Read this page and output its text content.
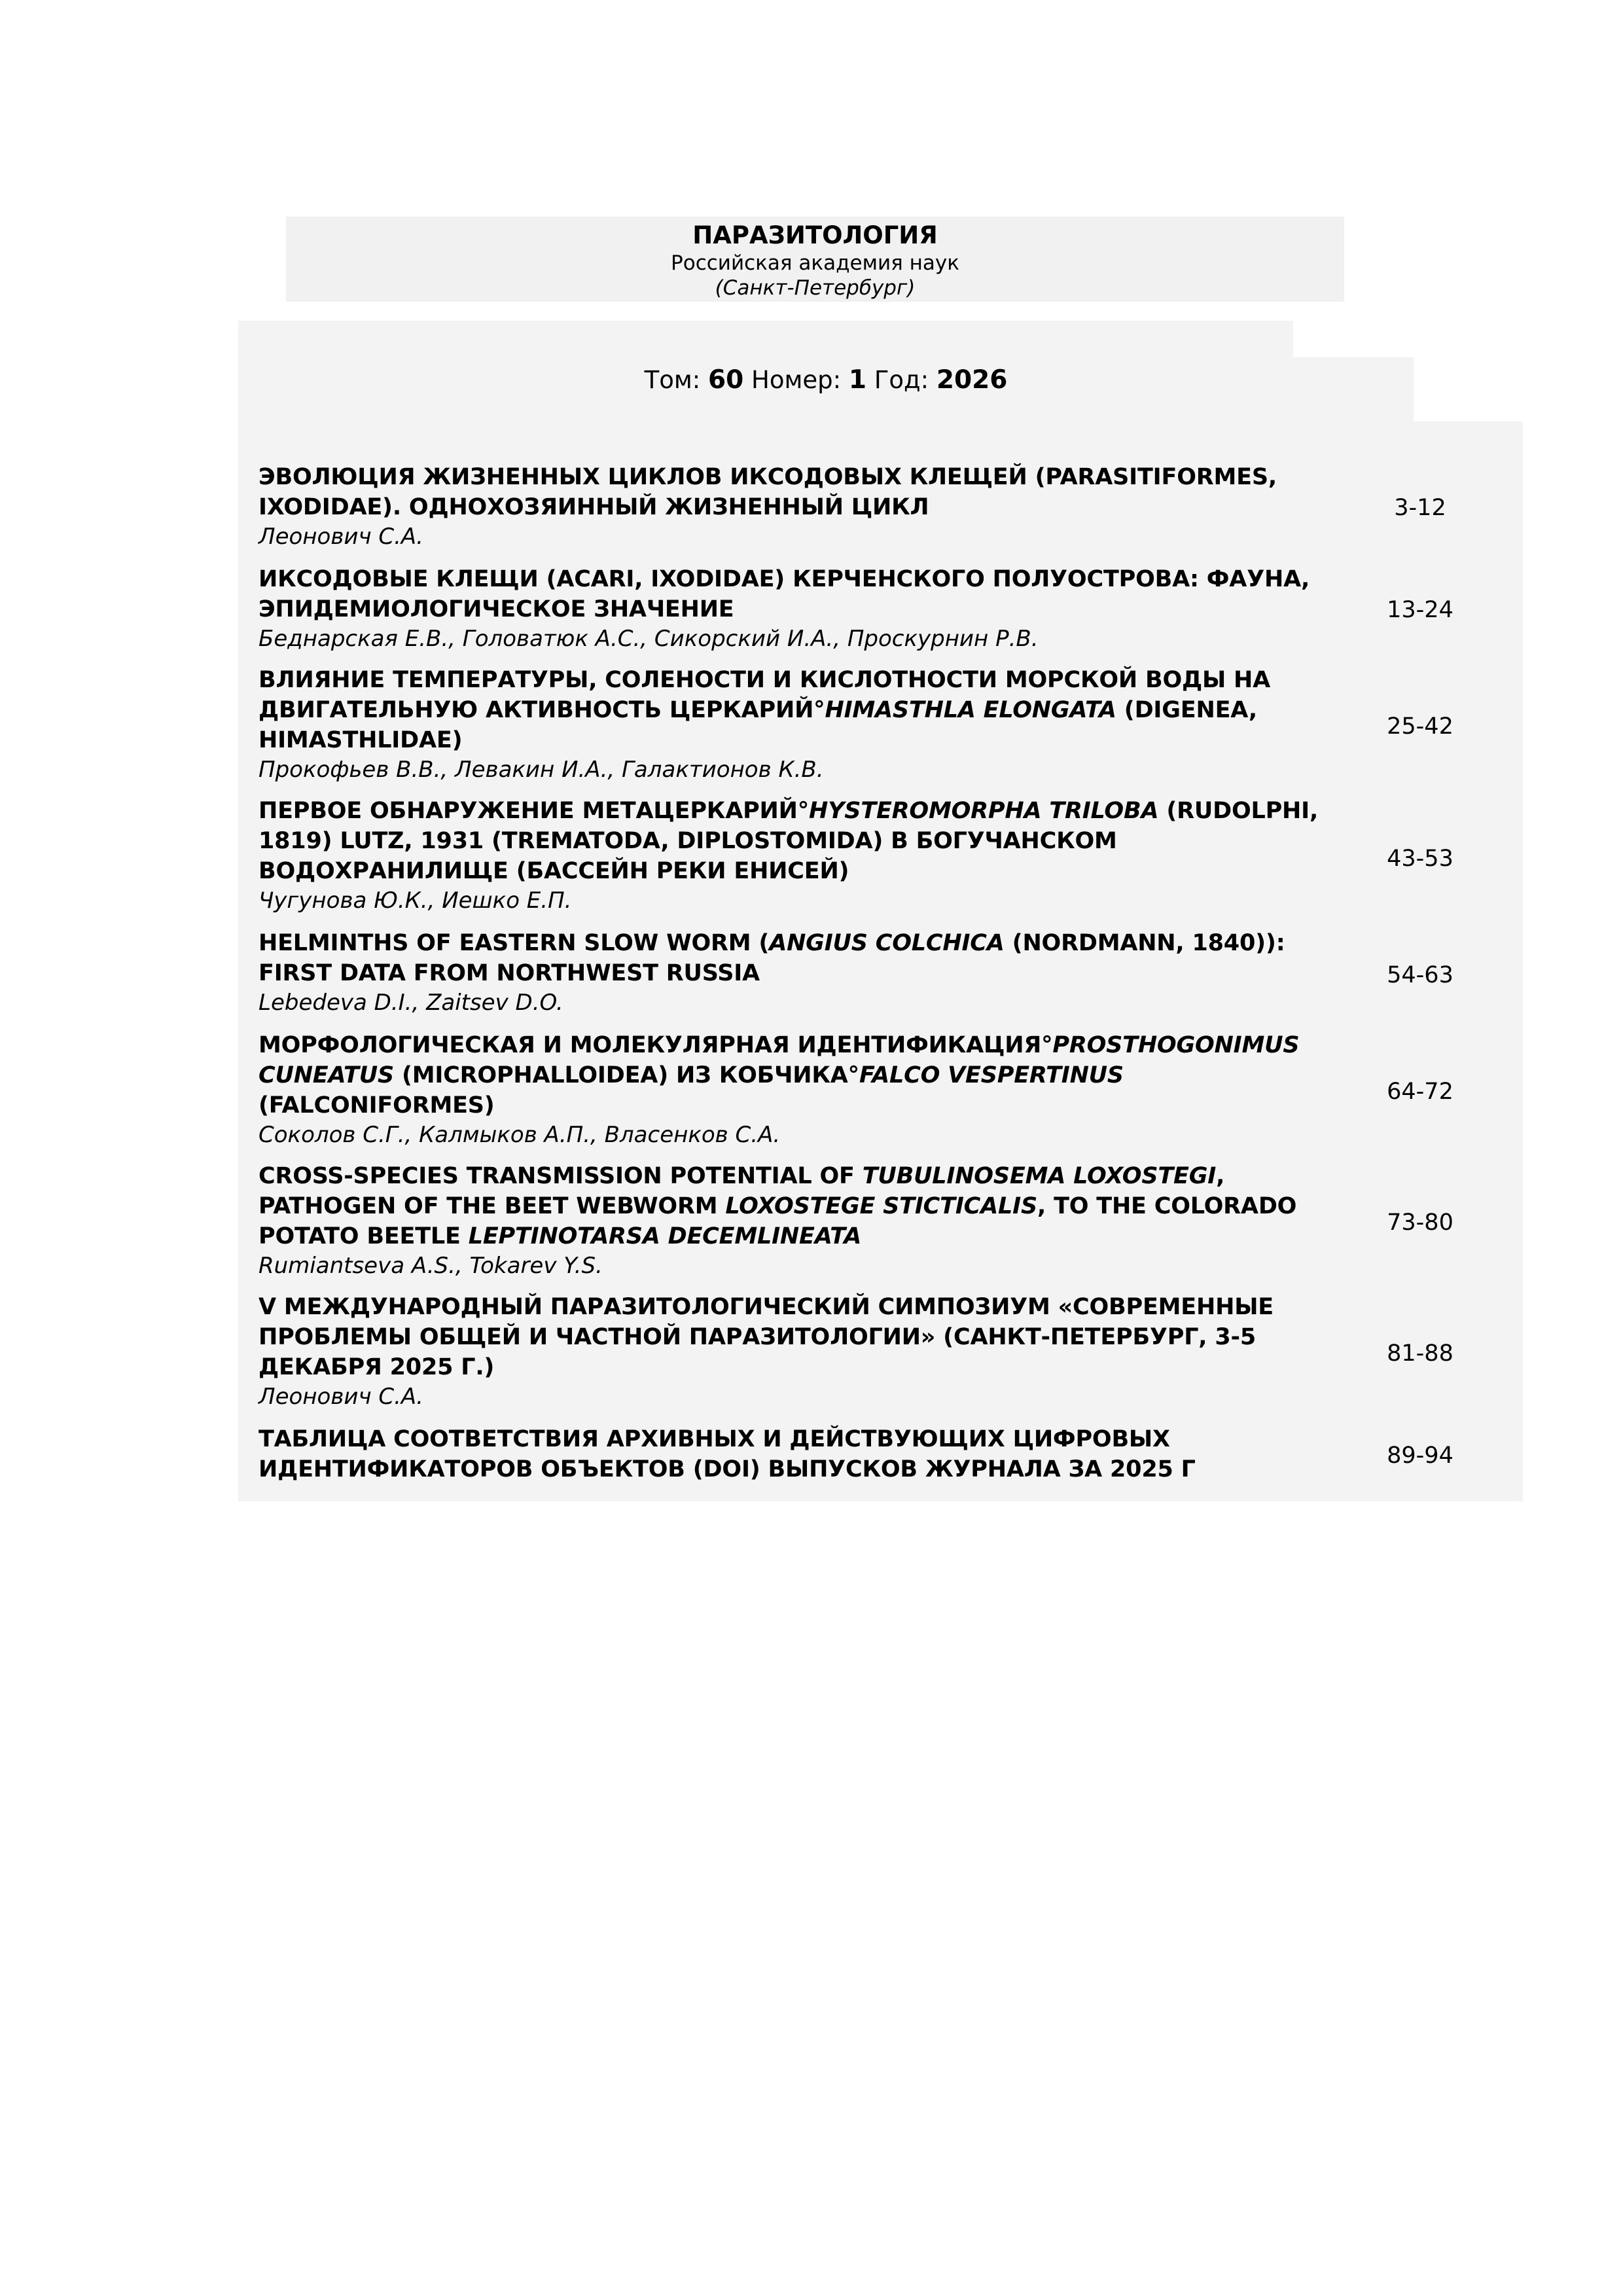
ПАРАЗИТОЛОГИЯ
Российская академия наук
(Санкт-Петербург)
Том: 60 Номер: 1 Год: 2026
ЭВОЛЮЦИЯ ЖИЗНЕННЫХ ЦИКЛОВ ИКСОДОВЫХ КЛЕЩЕЙ (PARASITIFORMES, IXODIDAE). ОДНОХОЗЯИННЫЙ ЖИЗНЕННЫЙ ЦИКЛ
Леонович С.А.
3-12
ИКСОДОВЫЕ КЛЕЩИ (ACARI, IXODIDAE) КЕРЧЕНСКОГО ПОЛУОСТРОВА: ФАУНА, ЭПИДЕМИОЛОГИЧЕСКОЕ ЗНАЧЕНИЕ
Беднарская Е.В., Головатюк А.С., Сикорский И.А., Проскурнин Р.В.
13-24
ВЛИЯНИЕ ТЕМПЕРАТУРЫ, СОЛЕНОСТИ И КИСЛОТНОСТИ МОРСКОЙ ВОДЫ НА ДВИГАТЕЛЬНУЮ АКТИВНОСТЬ ЦЕРКАРИЙ°HIMASTHLA ELONGATA (DIGENEA, HIMASTHLIDAE)
Прокофьев В.В., Левакин И.А., Галактионов К.В.
25-42
ПЕРВОЕ ОБНАРУЖЕНИЕ МЕТАЦЕРКАРИЙ°HYSTEROMORPHA TRILOBA (RUDOLPHI, 1819) LUTZ, 1931 (TREMATODA, DIPLOSTOMIDA) В БОГУЧАНСКОМ ВОДОХРАНИЛИЩЕ (БАССЕЙН РЕКИ ЕНИСЕЙ)
Чугунова Ю.К., Иешко Е.П.
43-53
HELMINTHS OF EASTERN SLOW WORM (ANGIUS COLCHICA (NORDMANN, 1840)): FIRST DATA FROM NORTHWEST RUSSIA
Lebedeva D.I., Zaitsev D.O.
54-63
МОРФОЛОГИЧЕСКАЯ И МОЛЕКУЛЯРНАЯ ИДЕНТИФИКАЦИЯ°PROSTHOGONIMUS CUNEATUS (MICROPHALLOIDEA) ИЗ КОБЧИКА°FALCO VESPERTINUS (FALCONIFORMES)
Соколов С.Г., Калмыков А.П., Власенков С.А.
64-72
CROSS-SPECIES TRANSMISSION POTENTIAL OF TUBULINOSEMA LOXOSTEGI, PATHOGEN OF THE BEET WEBWORM LOXOSTEGE STICTICALIS, TO THE COLORADO POTATO BEETLE LEPTINOTARSA DECEMLINEATA
Rumiantseva A.S., Tokarev Y.S.
73-80
V МЕЖДУНАРОДНЫЙ ПАРАЗИТОЛОГИЧЕСКИЙ СИМПОЗИУМ «СОВРЕМЕННЫЕ ПРОБЛЕМЫ ОБЩЕЙ И ЧАСТНОЙ ПАРАЗИТОЛОГИИ» (САНКТ-ПЕТЕРБУРГ, 3-5 ДЕКАБРЯ 2025 Г.)
Леонович С.А.
81-88
ТАБЛИЦА СООТВЕТСТВИЯ АРХИВНЫХ И ДЕЙСТВУЮЩИХ ЦИФРОВЫХ ИДЕНТИФИКАТОРОВ ОБЪЕКТОВ (DOI) ВЫПУСКОВ ЖУРНАЛА ЗА 2025 Г
89-94
